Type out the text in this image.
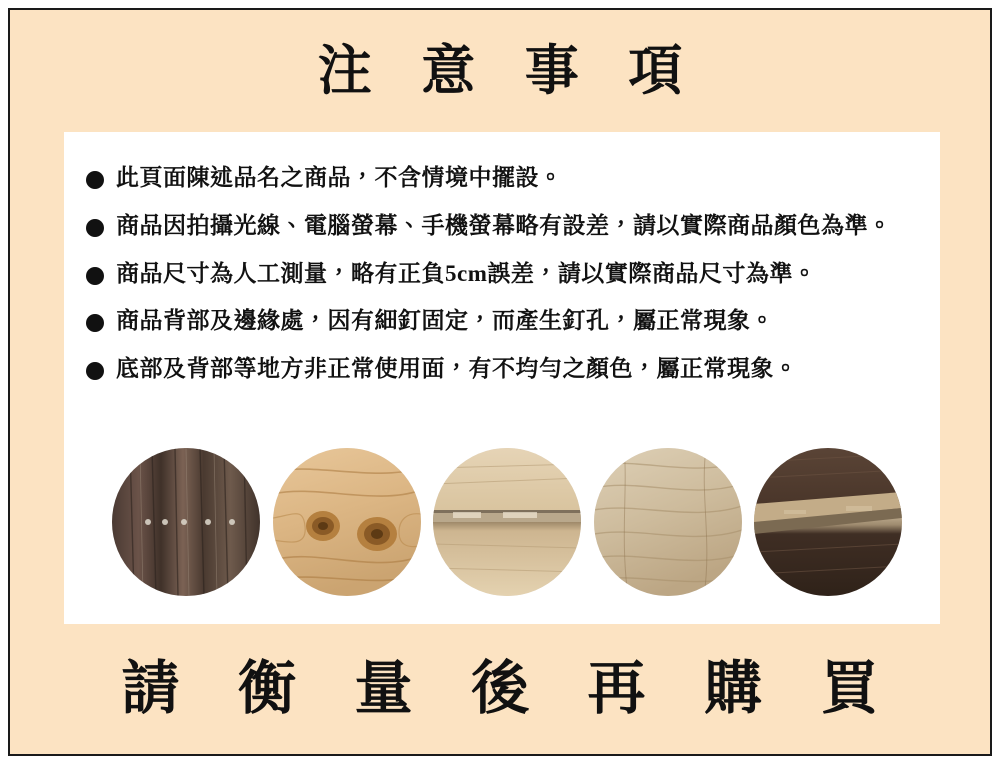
注 意 事 項
此頁面陳述品名之商品，不含情境中擺設。
商品因拍攝光線、電腦螢幕、手機螢幕略有設差，請以實際商品顏色為準。
商品尺寸為人工測量，略有正負5cm誤差，請以實際商品尺寸為準。
商品背部及邊緣處，因有細釘固定，而產生釘孔，屬正常現象。
底部及背部等地方非正常使用面，有不均勻之顏色，屬正常現象。
請 衡 量 後 再 購 買
